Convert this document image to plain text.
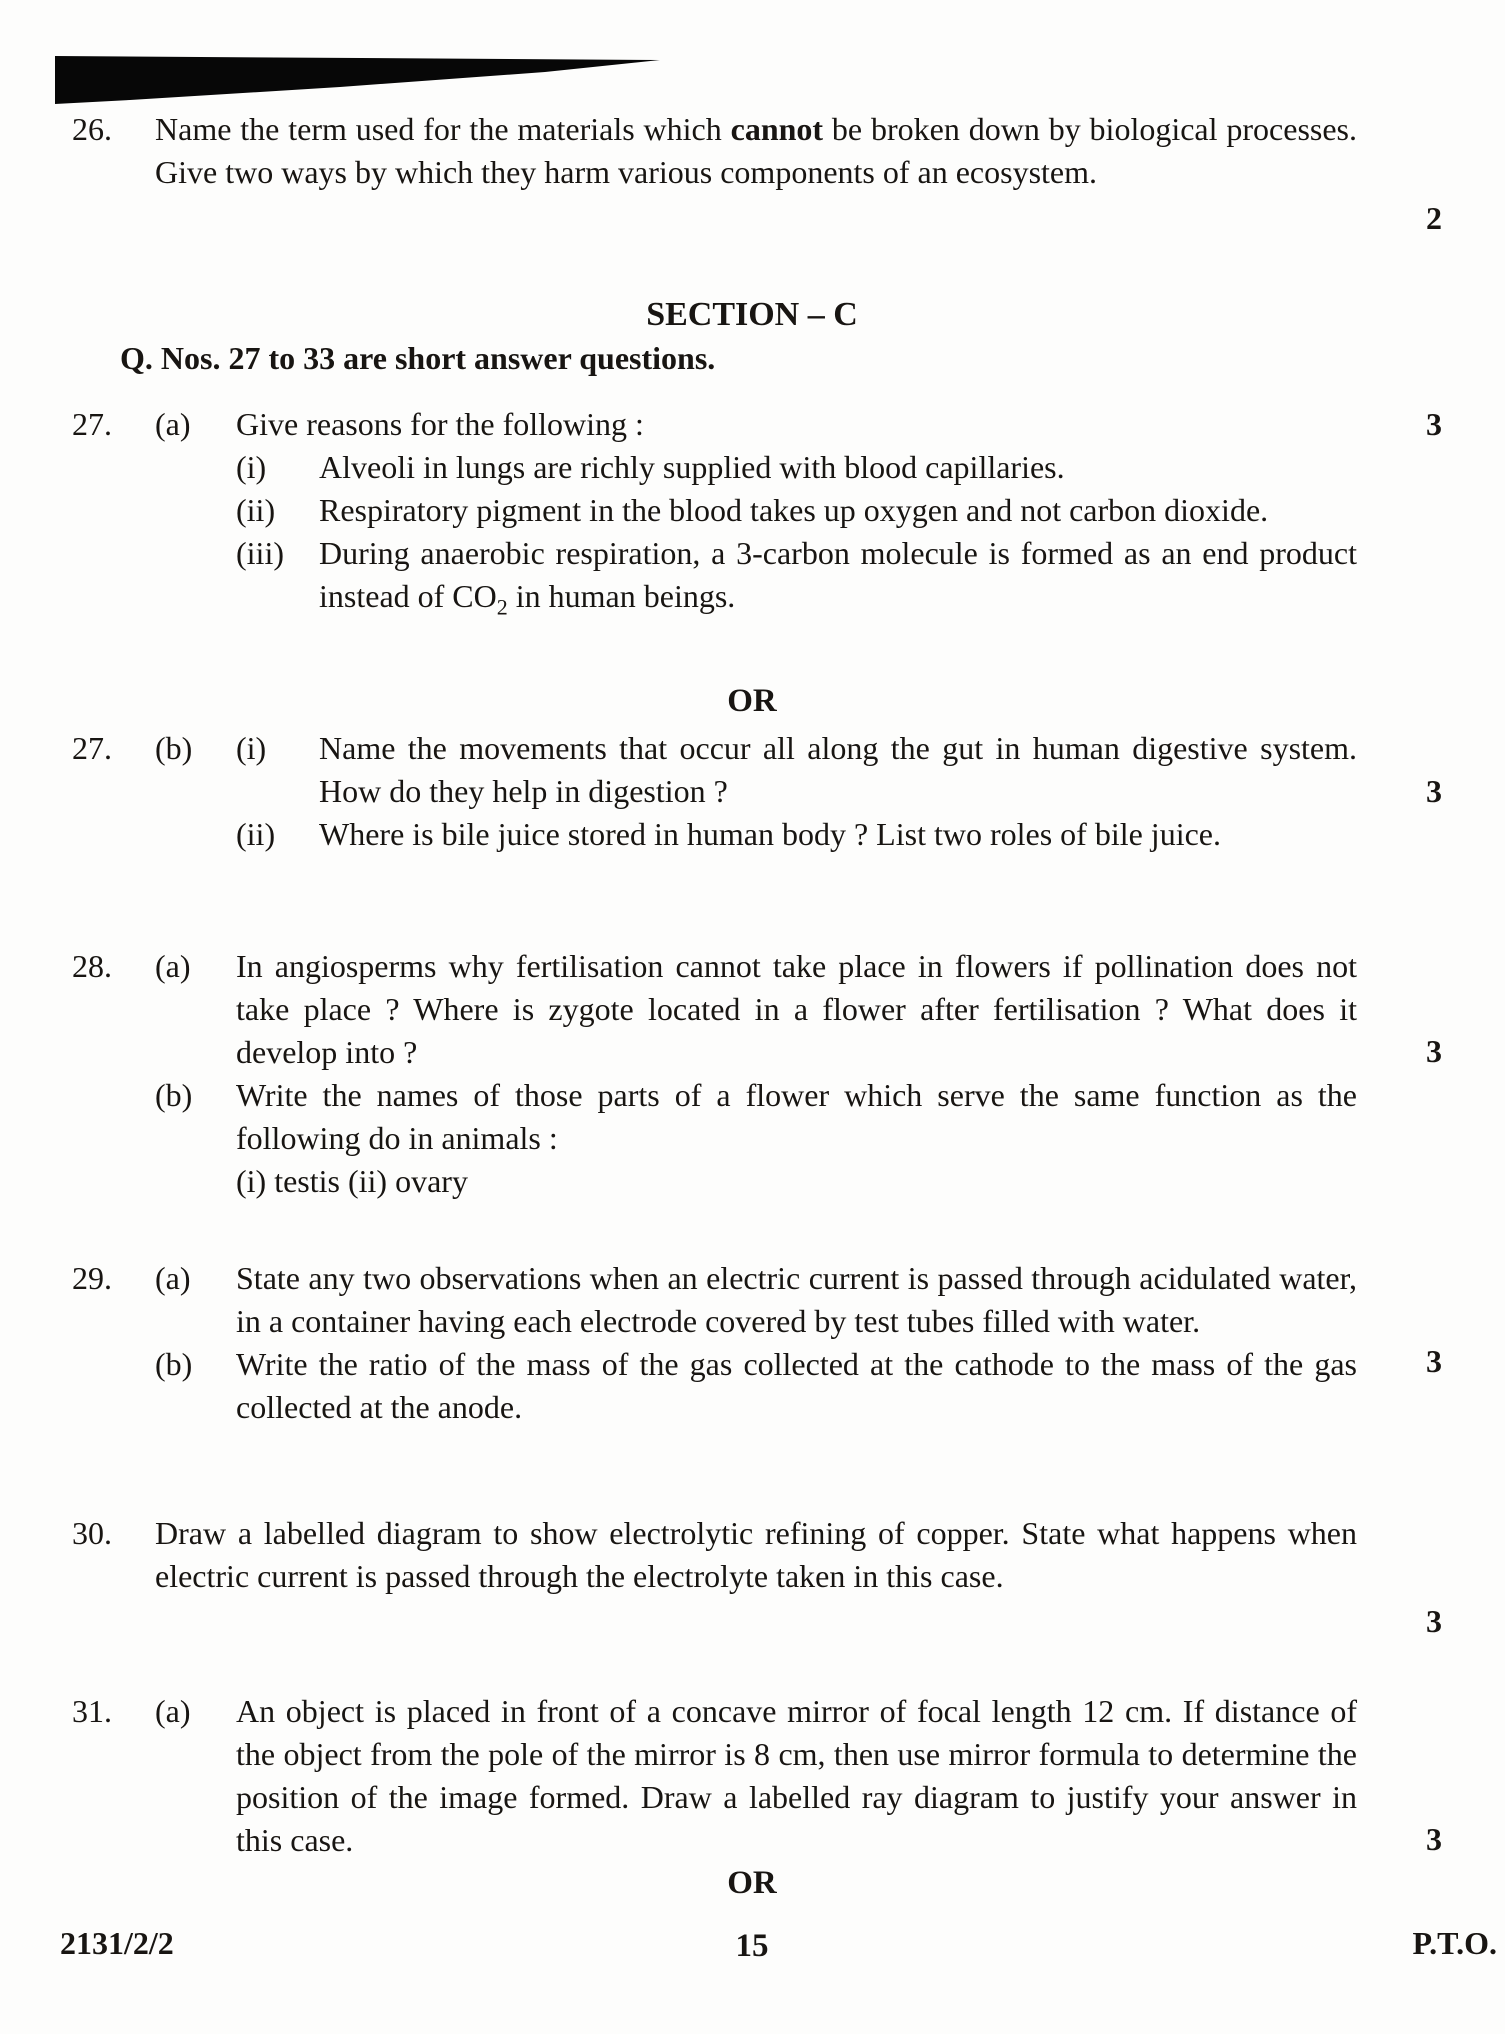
26.	Name the term used for the materials which cannot be broken down by biological processes. Give two ways by which they harm various components of an ecosystem.
2
SECTION – C
Q. Nos. 27 to 33 are short answer questions.
27.	(a)	Give reasons for the following :
(i)	Alveoli in lungs are richly supplied with blood capillaries.
(ii)	Respiratory pigment in the blood takes up oxygen and not carbon dioxide.
(iii)	During anaerobic respiration, a 3-carbon molecule is formed as an end product instead of $CO_2$ in human beings.
3
OR
27.	(b)	(i)	Name the movements that occur all along the gut in human digestive system. How do they help in digestion ?
(ii)	Where is bile juice stored in human body ? List two roles of bile juice.
3
28.	(a)	In angiosperms why fertilisation cannot take place in flowers if pollination does not take place ? Where is zygote located in a flower after fertilisation ? What does it develop into ?
(b)	Write the names of those parts of a flower which serve the same function as the following do in animals :
(i) testis (ii) ovary
3
29.	(a)	State any two observations when an electric current is passed through acidulated water, in a container having each electrode covered by test tubes filled with water.
(b)	Write the ratio of the mass of the gas collected at the cathode to the mass of the gas collected at the anode.
3
30.	Draw a labelled diagram to show electrolytic refining of copper. State what happens when electric current is passed through the electrolyte taken in this case.
3
31.	(a)	An object is placed in front of a concave mirror of focal length 12 cm. If distance of the object from the pole of the mirror is 8 cm, then use mirror formula to determine the position of the image formed. Draw a labelled ray diagram to justify your answer in this case.	3
OR
2131/2/2	15	P.T.O.
